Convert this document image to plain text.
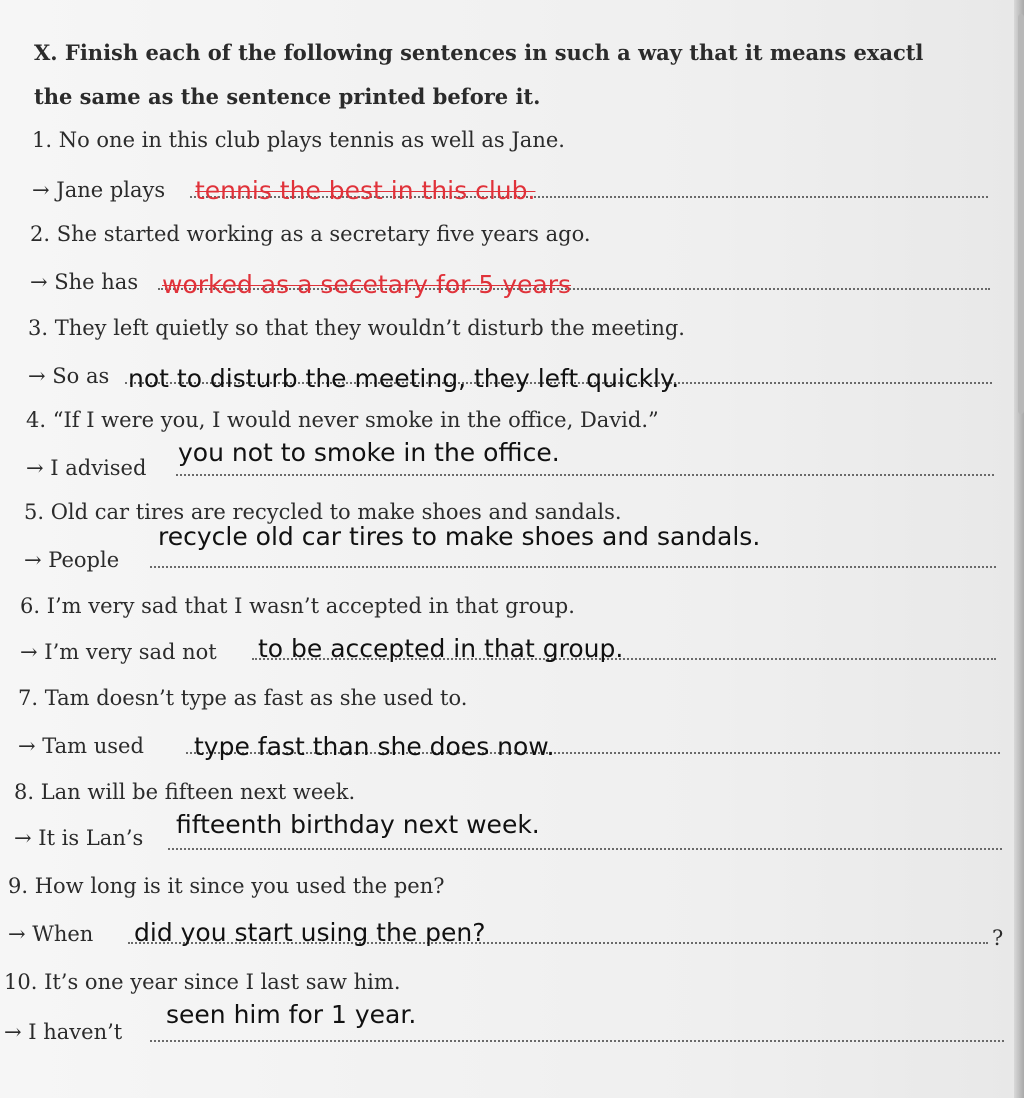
X. Finish each of the following sentences in such a way that it means exactl
the same as the sentence printed before it.
1. No one in this club plays tennis as well as Jane.
→ Jane plays tennis the best in this club.
2. She started working as a secretary five years ago.
→ She has worked as a secetary for 5 years
3. They left quietly so that they wouldn’t disturb the meeting.
→ So as not to disturb the meeting, they left quickly.
4. “If I were you, I would never smoke in the office, David.”
→ I advised
you not to smoke in the office.
5. Old car tires are recycled to make shoes and sandals.
→ People
recycle old car tires to make shoes and sandals.
6. I’m very sad that I wasn’t accepted in that group.
→ I’m very sad not to be accepted in that group.
7. Tam doesn’t type as fast as she used to.
→ Tam used type fast than she does now.
8. Lan will be fifteen next week.
→ It is Lan’s fifteenth birthday next week.
9. How long is it since you used the pen?
→ When did you start using the pen?	?
10. It’s one year since I last saw him.
→ I haven’t
seen him for 1 year.
